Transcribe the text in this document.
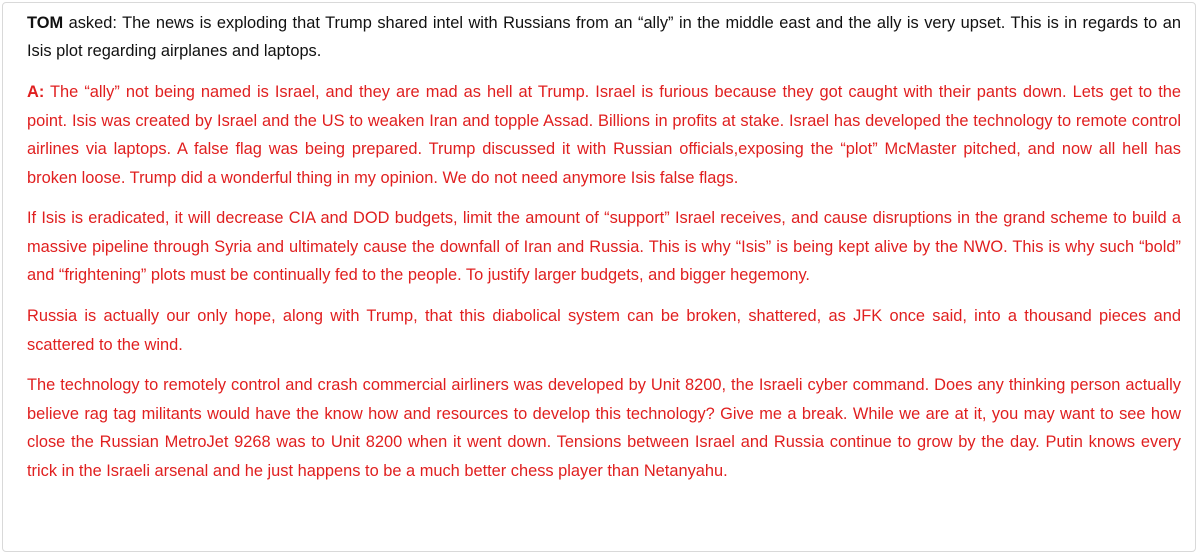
TOM asked: The news is exploding that Trump shared intel with Russians from an “ally” in the middle east and the ally is very upset. This is in regards to an Isis plot regarding airplanes and laptops.

A: The “ally” not being named is Israel, and they are mad as hell at Trump. Israel is furious because they got caught with their pants down. Lets get to the point. Isis was created by Israel and the US to weaken Iran and topple Assad. Billions in profits at stake. Israel has developed the technology to remote control airlines via laptops. A false flag was being prepared. Trump discussed it with Russian officials,exposing the “plot” McMaster pitched, and now all hell has broken loose. Trump did a wonderful thing in my opinion. We do not need anymore Isis false flags.

If Isis is eradicated, it will decrease CIA and DOD budgets, limit the amount of “support” Israel receives, and cause disruptions in the grand scheme to build a massive pipeline through Syria and ultimately cause the downfall of Iran and Russia. This is why “Isis” is being kept alive by the NWO. This is why such “bold” and “frightening” plots must be continually fed to the people. To justify larger budgets, and bigger hegemony.

Russia is actually our only hope, along with Trump, that this diabolical system can be broken, shattered, as JFK once said, into a thousand pieces and scattered to the wind.

The technology to remotely control and crash commercial airliners was developed by Unit 8200, the Israeli cyber command. Does any thinking person actually believe rag tag militants would have the know how and resources to develop this technology? Give me a break. While we are at it, you may want to see how close the Russian MetroJet 9268 was to Unit 8200 when it went down. Tensions between Israel and Russia continue to grow by the day. Putin knows every trick in the Israeli arsenal and he just happens to be a much better chess player than Netanyahu.
